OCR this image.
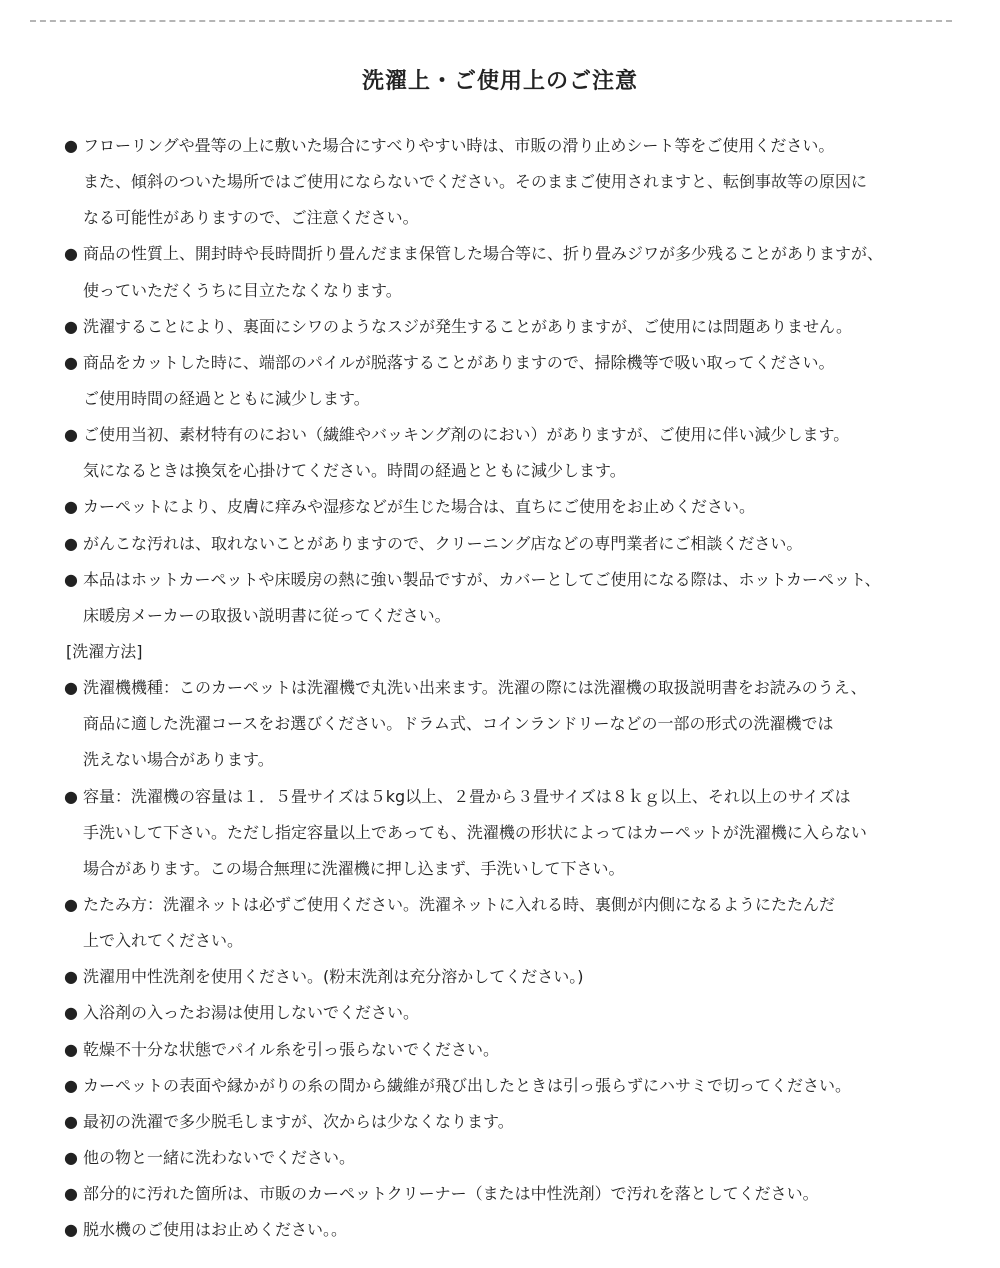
洗濯上・ご使用上のご注意
● フローリングや畳等の上に敷いた場合にすべりやすい時は、市販の滑り止めシート等をご使用ください。
また、傾斜のついた場所ではご使用にならないでください。そのままご使用されますと、転倒事故等の原因に
なる可能性がありますので、ご注意ください。
● 商品の性質上、開封時や長時間折り畳んだまま保管した場合等に、折り畳みジワが多少残ることがありますが、
使っていただくうちに目立たなくなります。
● 洗濯することにより、裏面にシワのようなスジが発生することがありますが、ご使用には問題ありません。
● 商品をカットした時に、端部のパイルが脱落することがありますので、掃除機等で吸い取ってください。
ご使用時間の経過とともに減少します。
● ご使用当初、素材特有のにおい（繊維やバッキング剤のにおい）がありますが、ご使用に伴い減少します。
気になるときは換気を心掛けてください。時間の経過とともに減少します。
● カーペットにより、皮膚に痒みや湿疹などが生じた場合は、直ちにご使用をお止めください。
● がんこな汚れは、取れないことがありますので、クリーニング店などの専門業者にご相談ください。
● 本品はホットカーペットや床暖房の熱に強い製品ですが、カバーとしてご使用になる際は、ホットカーペット、
床暖房メーカーの取扱い説明書に従ってください。
[洗濯方法]
● 洗濯機機種：このカーペットは洗濯機で丸洗い出来ます。洗濯の際には洗濯機の取扱説明書をお読みのうえ、
商品に適した洗濯コースをお選びください。ドラム式、コインランドリーなどの一部の形式の洗濯機では
洗えない場合があります。
● 容量：洗濯機の容量は１．５畳サイズは５kg以上、２畳から３畳サイズは８ｋｇ以上、それ以上のサイズは
手洗いして下さい。ただし指定容量以上であっても、洗濯機の形状によってはカーペットが洗濯機に入らない
場合があります。この場合無理に洗濯機に押し込まず、手洗いして下さい。
● たたみ方：洗濯ネットは必ずご使用ください。洗濯ネットに入れる時、裏側が内側になるようにたたんだ
上で入れてください。
● 洗濯用中性洗剤を使用ください。(粉末洗剤は充分溶かしてください。)
● 入浴剤の入ったお湯は使用しないでください。
● 乾燥不十分な状態でパイル糸を引っ張らないでください。
● カーペットの表面や縁かがりの糸の間から繊維が飛び出したときは引っ張らずにハサミで切ってください。
● 最初の洗濯で多少脱毛しますが、次からは少なくなります。
● 他の物と一緒に洗わないでください。
● 部分的に汚れた箇所は、市販のカーペットクリーナー（または中性洗剤）で汚れを落としてください。
● 脱水機のご使用はお止めください。。
